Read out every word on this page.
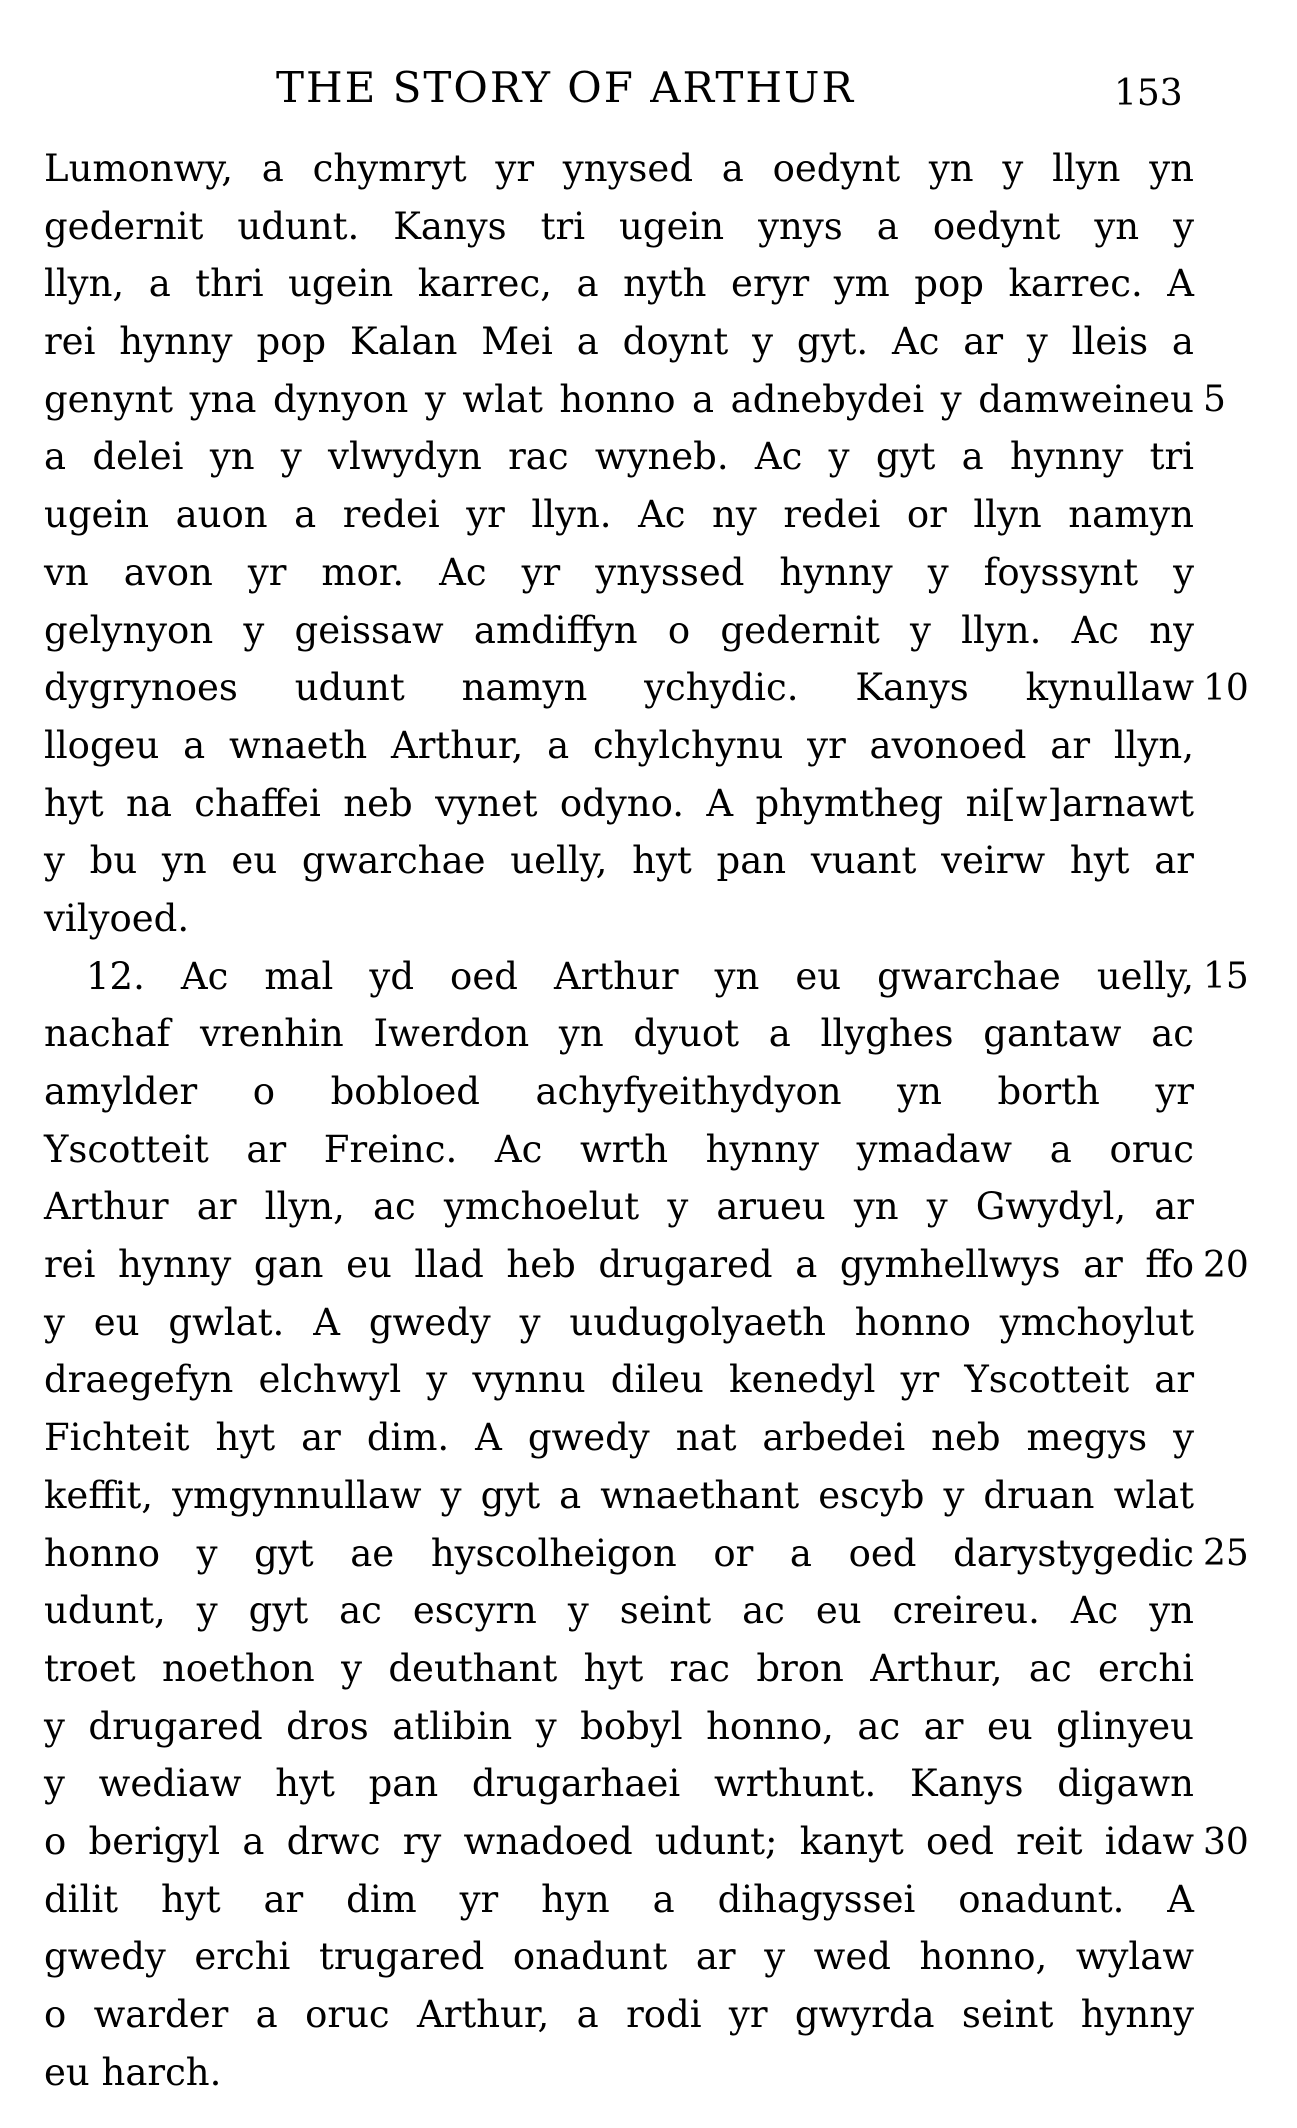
THE STORY OF ARTHUR	153
Lumonwy, a chymryt yr ynysed a oedynt yn y llyn yn
gedernit udunt. Kanys tri ugein ynys a oedynt yn y
llyn, a thri ugein karrec, a nyth eryr ym pop karrec. A
rei hynny pop Kalan Mei a doynt y gyt. Ac ar y lleis a
genynt yna dynyon y wlat honno a adnebydei y damweineu
a delei yn y vlwydyn rac wyneb. Ac y gyt a hynny tri
ugein auon a redei yr llyn. Ac ny redei or llyn namyn
vn avon yr mor. Ac yr ynyssed hynny y foyssynt y
gelynyon y geissaw amdiffyn o gedernit y llyn. Ac ny
dygrynoes udunt namyn ychydic. Kanys kynullaw
llogeu a wnaeth Arthur, a chylchynu yr avonoed ar llyn,
hyt na chaffei neb vynet odyno. A phymtheg ni[w]arnawt
y bu yn eu gwarchae uelly, hyt pan vuant veirw hyt ar
vilyoed.
12. Ac mal yd oed Arthur yn eu gwarchae uelly,
nachaf vrenhin Iwerdon yn dyuot a llyghes gantaw ac
amylder o bobloed achyfyeithydyon yn borth yr
Yscotteit ar Freinc. Ac wrth hynny ymadaw a oruc
Arthur ar llyn, ac ymchoelut y arueu yn y Gwydyl, ar
rei hynny gan eu llad heb drugared a gymhellwys ar ffo
y eu gwlat. A gwedy y uudugolyaeth honno ymchoylut
draegefyn elchwyl y vynnu dileu kenedyl yr Yscotteit ar
Fichteit hyt ar dim. A gwedy nat arbedei neb megys y
keffit, ymgynnullaw y gyt a wnaethant escyb y druan wlat
honno y gyt ae hyscolheigon or a oed darystygedic
udunt, y gyt ac escyrn y seint ac eu creireu. Ac yn
troet noethon y deuthant hyt rac bron Arthur, ac erchi
y drugared dros atlibin y bobyl honno, ac ar eu glinyeu
y wediaw hyt pan drugarhaei wrthunt. Kanys digawn
o berigyl a drwc ry wnadoed udunt; kanyt oed reit idaw
dilit hyt ar dim yr hyn a dihagyssei onadunt. A
gwedy erchi trugared onadunt ar y wed honno, wylaw
o warder a oruc Arthur, a rodi yr gwyrda seint hynny
eu harch.
5
10
15
20
25
30
